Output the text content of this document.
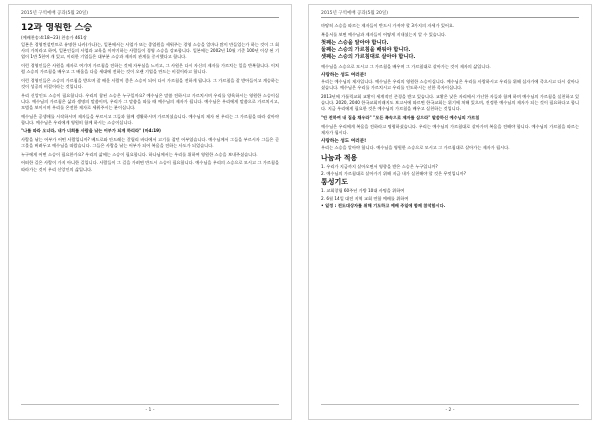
2015년 구역예배 공과(5월 20일)
12과 영원한 스승
(예배찬송:4:18~23) 찬송가 461장

일본은 경영컨설턴트로 유명한 나카(가나)는, 일본에서는 사업가 또는 종업원을 세워주는 경영 스승을 얼마나 많이 만들었는가 하는 것이 그 회사의 가치라고 하여, 일본인들의 사업과 교육을 이야기하는 사람들이 경영 스승을 강조합니다. 일본에는 2002년 10월 기준 100년 이상 된 기업이 1만 5천여 개 있고, 이러한 기업들은 대부분 스승과 제자의 관계를 중시했다고 합니다.

이런 경영인들은 사원을 제자로 여기며 가르침을 전하는 것에 자부심을 느끼고, 그 사원은 다시 자신의 제자를 가르치는 일을 반복합니다. 이처럼 스승의 가르침을 배우고 그 배움을 다음 세대에 전하는 것이 오랜 기업을 만드는 비결이라고 합니다.

이런 경영인들은 스승의 가르침을 받으며 잘 배운 사람이 좋은 스승이 되어 다시 가르침을 전하게 됩니다. 그 가르침을 잘 받아들이고 계승하는 것이 성공의 비결이라는 것입니다.

우리 신앙인도 스승이 필요합니다. 우리의 참된 스승은 누구일까요? 예수님은 말씀 전하시고 가르치시며 우리를 양육하시는 영원한 스승이십니다. 예수님의 가르침은 삶과 생명의 말씀이며, 우리가 그 말씀을 따를 때 예수님의 제자가 됩니다. 예수님은 우리에게 말씀으로 가르치시고, 모범을 보이시며 우리를 온전한 제자로 세워주시는 분이십니다.

예수님은 공생애를 시작하시며 제자들을 부르시고 그들과 함께 생활하시며 가르치셨습니다. 예수님의 제자 된 우리는 그 가르침을 따라 살아야 합니다. 예수님은 우리에게 영원히 함께 하시는 스승이십니다.

"나를 따라 오너라, 내가 너희를 사람을 낚는 어부가 되게 하리라" (마4:19)

사람을 낚는 어부가 어떤 사람입니까? 베드로와 안드레는 갈릴리 바다에서 고기를 잡던 어부였습니다. 예수님께서 그들을 부르시자 그들은 곧 그물을 버려두고 예수님을 따랐습니다. 그들은 사람을 낚는 어부가 되어 복음을 전하는 사도가 되었습니다.

누구에게 어떤 스승이 필요한가요? 우리의 삶에는 스승이 필요합니다. 하나님께서는 우리를 위하여 영원한 스승을 보내주셨습니다.

어떠한 길은 사람이 가지 아니한 길입니다. 사람들이 그 길을 가려면 반드시 스승이 필요합니다. 예수님을 우리의 스승으로 모시고 그 가르침을 따라가는 것이 우리 신앙인의 삶입니다.

- 1 -
2015년 구역예배 공과(5월 20일)

마땅히 스승을 따르는 제자들이 반드시 가져야 할 3가지의 자세가 있어요.

복음서를 보면 예수님과 제자들이 어떻게 지내셨는지 알 수 있습니다.

첫째는 스승을 알아야 합니다.
둘째는 스승의 가르침을 배워야 합니다.
셋째는 스승의 가르침대로 살아야 합니다.

예수님을 스승으로 모시고 그 가르침을 배우며 그 가르침대로 살아가는 것이 제자의 삶입니다.

사랑하는 성도 여러분!

우리는 예수님의 제자입니다. 예수님은 우리의 영원한 스승이십니다. 예수님은 우리를 사랑하시고 우리를 위해 십자가에 죽으시고 다시 살아나셨습니다. 예수님은 우리를 가르치시고 우리를 인도하시는 선한 목자이십니다.

2013년에 가톨릭교회 교황이 세계적인 존경을 받고 있습니다. 교황은 낮은 자리에서 가난한 자들과 함께 하며 예수님의 가르침을 실천하고 있습니다. 2020, 2040 한국교회미래지도 보고서에 따르면 한국교회는 위기에 처해 있으며, 진정한 예수님의 제자가 되는 것이 필요하다고 합니다. 지금 우리에게 필요한 것은 예수님의 가르침을 배우고 실천하는 것입니다.

"안 전하여 내 집을 채우라" "모든 족속으로 제자를 삼으라" 말씀하신 예수님의 가르침

예수님은 우리에게 복음을 전하라고 명령하셨습니다. 우리는 예수님의 가르침대로 살아가며 복음을 전해야 합니다. 예수님의 가르침을 따르는 제자가 됩시다.

사랑하는 성도 여러분!

우리는 스승을 알아야 합니다. 예수님을 영원한 스승으로 모시고 그 가르침대로 살아가는 제자가 됩시다.

나눔과 적용

1. 우리가 지금까지 살아오면서 영향을 받은 스승은 누구입니까?

2. 예수님의 가르침대로 살아가기 위해 지금 내가 실천해야 할 것은 무엇입니까?

통성기도

1. 교회창립 60주년 가방 10대 사명을 위하여

2. 6월 14일 대전 지역 교회 연합 예배를 위하여

• 일정 : 전도대상자를 위해 기도하고 예배 주일에 함께 참석합시다.

- 2 -
